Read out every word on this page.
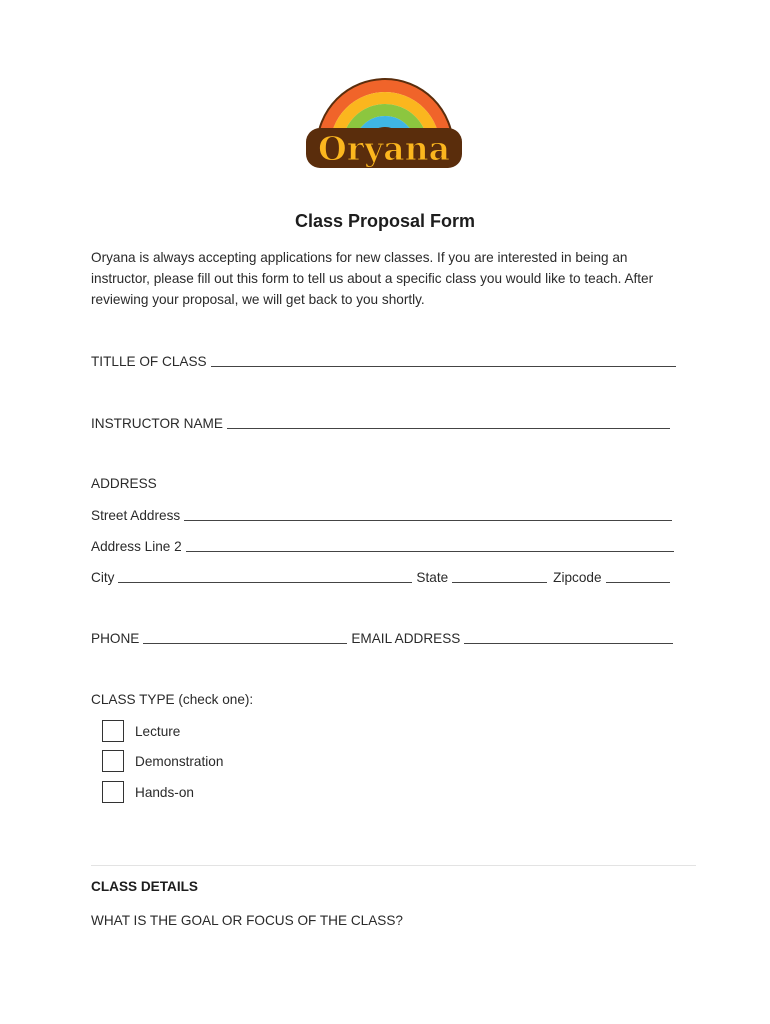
Oryana
Class Proposal Form
Oryana is always accepting applications for new classes. If you are interested in being an instructor, please fill out this form to tell us about a specific class you would like to teach. After reviewing your proposal, we will get back to you shortly.
TITLLE OF CLASS
INSTRUCTOR NAME
ADDRESS
Street Address
Address Line 2
City	State	Zipcode
PHONE	EMAIL ADDRESS
CLASS TYPE (check one):
Lecture
Demonstration
Hands-on
CLASS DETAILS
WHAT IS THE GOAL OR FOCUS OF THE CLASS?
